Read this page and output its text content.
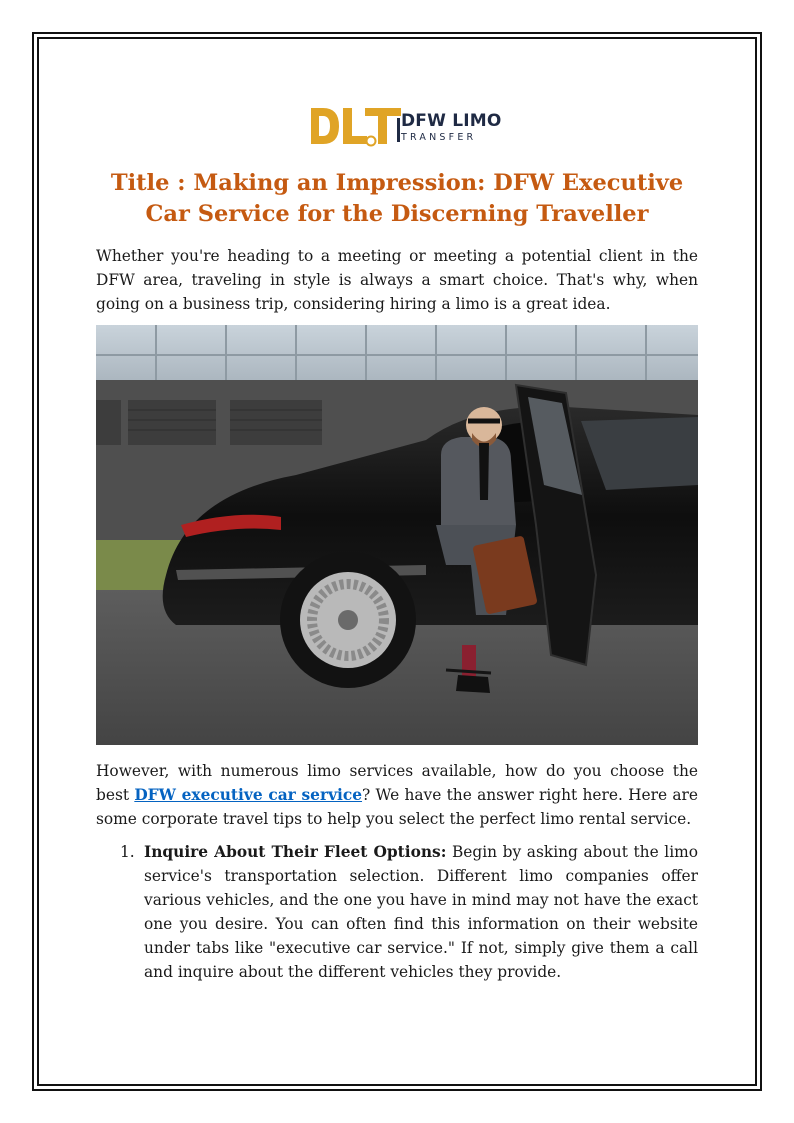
DFW LIMO
TRANSFER
Title : Making an Impression: DFW Executive Car Service for the Discerning Traveller
Whether you're heading to a meeting or meeting a potential client in the DFW area, traveling in style is always a smart choice. That's why, when going on a business trip, considering hiring a limo is a great idea.
However, with numerous limo services available, how do you choose the best DFW executive car service? We have the answer right here. Here are some corporate travel tips to help you select the perfect limo rental service.
1. Inquire About Their Fleet Options: Begin by asking about the limo service's transportation selection. Different limo companies offer various vehicles, and the one you have in mind may not have the exact one you desire. You can often find this information on their website under tabs like "executive car service." If not, simply give them a call and inquire about the different vehicles they provide.
